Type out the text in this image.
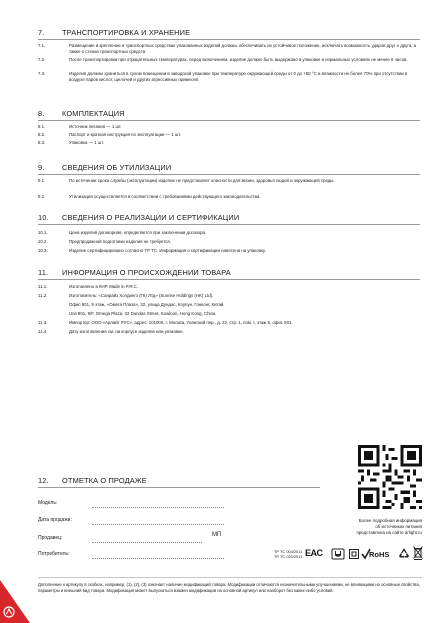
7. ТРАНСПОРТИРОВКА И ХРАНЕНИЕ
7.1.	Размещение и крепление в транспортных средствах упакованных изделий должны обеспечивать их устойчивое положение, исключать возможность ударов друг о друга, а также о стенки транспортных средств.
7.2.	После транспортировки при отрицательных температурах, перед включением, изделие должно быть выдержано в упаковке в нормальных условиях не менее 6 часов.
7.3.	Изделия должны храниться в сухом помещении в заводской упаковке при температуре окружающей среды от 0 до +50 °С и влажности не более 70% при отсутствии в воздухе паров кислот, щелочей и других агрессивных примесей.
8. КОМПЛЕКТАЦИЯ
8.1.	Источник питания — 1 шт.
8.2.	Паспорт и краткая инструкция по эксплуатации — 1 шт.
8.3.	Упаковка — 1 шт.
9. СВЕДЕНИЯ ОБ УТИЛИЗАЦИИ
9.1.	По истечении срока службы (эксплуатации) изделие не представляет опасности для жизни, здоровья людей и окружающей среды.
9.2.	Утилизация осуществляется в соответствии с требованиями действующего законодательства.
10. СВЕДЕНИЯ О РЕАЛИЗАЦИИ И СЕРТИФИКАЦИИ
10.1.	Цена изделия договорная, определяется при заключении договора.
10.2.	Предпродажной подготовки изделия не требуется.
10.3.	Изделие сертифицировано согласно ТР ТС. Информация о сертификации нанесена на упаковку.
11. ИНФОРМАЦИЯ О ПРОИСХОЖДЕНИИ ТОВАРА
11.1.	Изготовлено в КНР. Made in P.R.C.
11.2.	Изготовитель: «Санрайз Холдингз (ГК) Лтд» (Sunrise Holdings (HK) Ltd).
Офис 901, 9 этаж, «Омега Плаза», 32, улица Дундас, Коулун, Гонконг, Китай.
Unit 901, 9/F, Omega Plaza, 32 Dundas Street, Kowloon, Hong Kong, China.
11.3.	Импортер: ООО «Арлайт РУС», адрес: 101000, г. Москва, Уланский пер., д. 22, стр. 1, пом. I, этаж 5, офис 501.
11.4.	Дату изготовления см. на корпусе изделия или упаковке.
12. ОТМЕТКА О ПРОДАЖЕ
Модель:
Дата продажи:
Продавец:	МП
Потребитель:
Более подробная информация
об источниках питания
представлена на сайте arlight.ru
ТР ТС 004/2011
ТР ТС 020/2011 EAC	RoHS
Дополнение к артикулу в скобках, например, (1), (2), (3) означает наличие модификаций товара. Модификации отличаются незначительными улучшениями, не влияющими на основные свойства, параметры и внешний вид товара. Модификация может выпускаться взамен модификации на основной артикул или наоборот без каких-либо условий.
